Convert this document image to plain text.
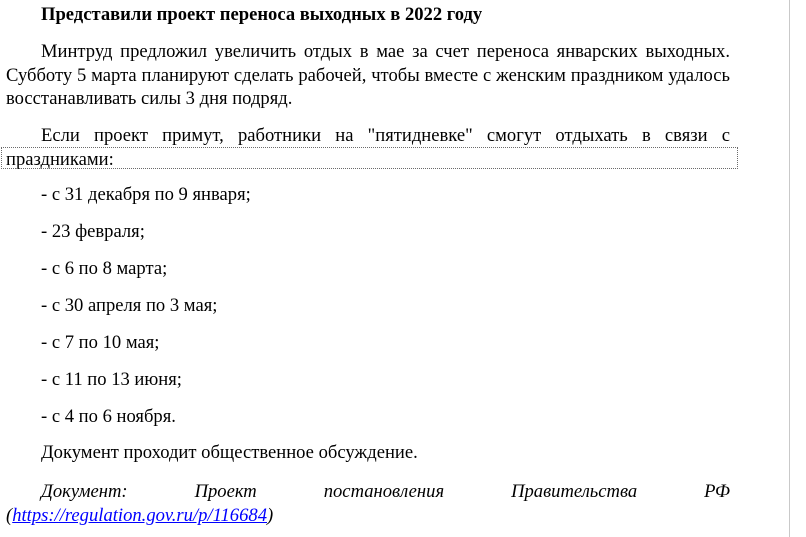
Представили проект переноса выходных в 2022 году

Минтруд предложил увеличить отдых в мае за счет переноса январских выходных. Субботу 5 марта планируют сделать рабочей, чтобы вместе с женским праздником удалось восстанавливать силы 3 дня подряд.

Если проект примут, работники на "пятидневке" смогут отдыхать в связи с праздниками:

- с 31 декабря по 9 января;
- 23 февраля;
- с 6 по 8 марта;
- с 30 апреля по 3 мая;
- с 7 по 10 мая;
- с 11 по 13 июня;
- с 4 по 6 ноября.
Документ проходит общественное обсуждение.

Документ: Проект постановления Правительства РФ (https://regulation.gov.ru/p/116684)
